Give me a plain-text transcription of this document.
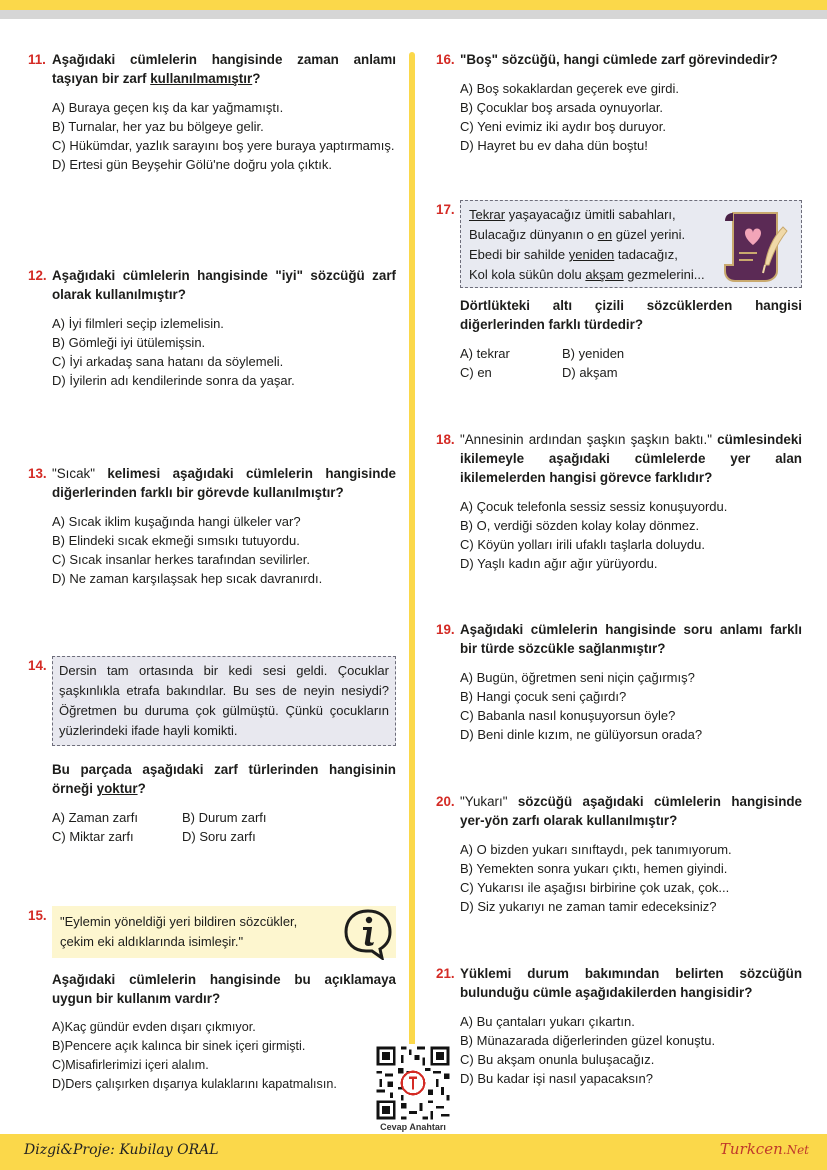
11. Aşağıdaki cümlelerin hangisinde zaman anlamı taşıyan bir zarf kullanılmamıştır?
A) Buraya geçen kış da kar yağmamıştı.
B) Turnalar, her yaz bu bölgeye gelir.
C) Hükümdar, yazlık sarayını boş yere buraya yaptırmamış.
D) Ertesi gün Beyşehir Gölü'ne doğru yola çıktık.
12. Aşağıdaki cümlelerin hangisinde "iyi" sözcüğü zarf olarak kullanılmıştır?
A) İyi filmleri seçip izlemelisin.
B) Gömleği iyi ütülemişsin.
C) İyi arkadaş sana hatanı da söylemeli.
D) İyilerin adı kendilerinde sonra da yaşar.
13. "Sıcak" kelimesi aşağıdaki cümlelerin hangisinde diğerlerinden farklı bir görevde kullanılmıştır?
A) Sıcak iklim kuşağında hangi ülkeler var?
B) Elindeki sıcak ekmeği sımsıkı tutuyordu.
C) Sıcak insanlar herkes tarafından sevilirler.
D) Ne zaman karşılaşsak hep sıcak davranırdı.
14. Dersin tam ortasında bir kedi sesi geldi. Çocuklar şaşkınlıkla etrafa bakındılar. Bu ses de neyin nesiydi? Öğretmen bu duruma çok gülmüştü. Çünkü çocukların yüzlerindeki ifade hayli komikti.
Bu parçada aşağıdaki zarf türlerinden hangisinin örneği yoktur?
A) Zaman zarfı	B) Durum zarfı
C) Miktar zarfı	D) Soru zarfı
15.	"Eylemin yöneldiği yeri bildiren sözcükler, çekim eki aldıklarında isimleşir."
Aşağıdaki cümlelerin hangisinde bu açıklamaya uygun bir kullanım vardır?
A)Kaç gündür evden dışarı çıkmıyor.
B)Pencere açık kalınca bir sinek içeri girmişti.
C)Misafirlerimizi içeri alalım.
D)Ders çalışırken dışarıya kulaklarını kapatmalısın.
16. "Boş" sözcüğü, hangi cümlede zarf görevindedir?
A) Boş sokaklardan geçerek eve girdi.
B) Çocuklar boş arsada oynuyorlar.
C) Yeni evimiz iki aydır boş duruyor.
D) Hayret bu ev daha dün boştu!
17. Tekrar yaşayacağız ümitli sabahları,
Bulacağız dünyanın o en güzel yerini.
Ebedi bir sahilde yeniden tadacağız,
Kol kola sükûn dolu akşam gezmelerini...
Dörtlükteki altı çizili sözcüklerden hangisi diğerlerinden farklı türdedir?
A) tekrar	B) yeniden
C) en	D) akşam
18. "Annesinin ardından şaşkın şaşkın baktı." cümlesindeki ikilemeyle aşağıdaki cümlelerde yer alan ikilemelerden hangisi görevce farklıdır?
A) Çocuk telefonla sessiz sessiz konuşuyordu.
B) O, verdiği sözden kolay kolay dönmez.
C) Köyün yolları irili ufaklı taşlarla doluydu.
D) Yaşlı kadın ağır ağır yürüyordu.
19. Aşağıdaki cümlelerin hangisinde soru anlamı farklı bir türde sözcükle sağlanmıştır?
A) Bugün, öğretmen seni niçin çağırmış?
B) Hangi çocuk seni çağırdı?
C) Babanla nasıl konuşuyorsun öyle?
D) Beni dinle kızım, ne gülüyorsun orada?
20. "Yukarı" sözcüğü aşağıdaki cümlelerin hangisinde yer-yön zarfı olarak kullanılmıştır?
A) O bizden yukarı sınıftaydı, pek tanımıyorum.
B) Yemekten sonra yukarı çıktı, hemen giyindi.
C) Yukarısı ile aşağısı birbirine çok uzak, çok...
D) Siz yukarıyı ne zaman tamir edeceksiniz?
21. Yüklemi durum bakımından belirten sözcüğün bulunduğu cümle aşağıdakilerden hangisidir?
A) Bu çantaları yukarı çıkartın.
B) Münazarada diğerlerinden güzel konuştu.
C) Bu akşam onunla buluşacağız.
D) Bu kadar işi nasıl yapacaksın?
Cevap Anahtarı
Dizgi&Proje: Kubilay ORAL	Turkcen.Net
